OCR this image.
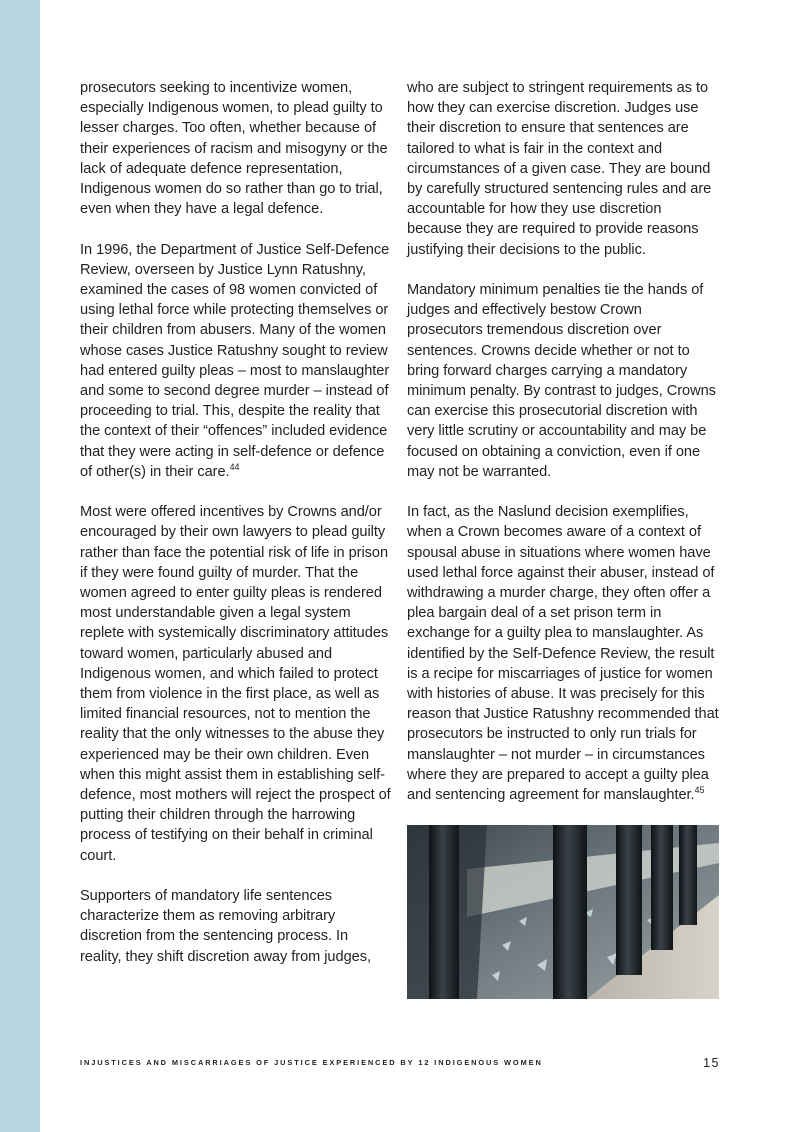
prosecutors seeking to incentivize women, especially Indigenous women, to plead guilty to lesser charges. Too often, whether because of their experiences of racism and misogyny or the lack of adequate defence representation, Indigenous women do so rather than go to trial, even when they have a legal defence.

In 1996, the Department of Justice Self-Defence Review, overseen by Justice Lynn Ratushny, examined the cases of 98 women convicted of using lethal force while protecting themselves or their children from abusers. Many of the women whose cases Justice Ratushny sought to review had entered guilty pleas – most to manslaughter and some to second degree murder – instead of proceeding to trial. This, despite the reality that the context of their “offences” included evidence that they were acting in self-defence or defence of other(s) in their care.$^{44}$

Most were offered incentives by Crowns and/or encouraged by their own lawyers to plead guilty rather than face the potential risk of life in prison if they were found guilty of murder. That the women agreed to enter guilty pleas is rendered most understandable given a legal system replete with systemically discriminatory attitudes toward women, particularly abused and Indigenous women, and which failed to protect them from violence in the first place, as well as limited financial resources, not to mention the reality that the only witnesses to the abuse they experienced may be their own children. Even when this might assist them in establishing self-defence, most mothers will reject the prospect of putting their children through the harrowing process of testifying on their behalf in criminal court.

Supporters of mandatory life sentences characterize them as removing arbitrary discretion from the sentencing process. In reality, they shift discretion away from judges,

who are subject to stringent requirements as to how they can exercise discretion. Judges use their discretion to ensure that sentences are tailored to what is fair in the context and circumstances of a given case. They are bound by carefully structured sentencing rules and are accountable for how they use discretion because they are required to provide reasons justifying their decisions to the public.

Mandatory minimum penalties tie the hands of judges and effectively bestow Crown prosecutors tremendous discretion over sentences. Crowns decide whether or not to bring forward charges carrying a mandatory minimum penalty. By contrast to judges, Crowns can exercise this prosecutorial discretion with very little scrutiny or accountability and may be focused on obtaining a conviction, even if one may not be warranted.

In fact, as the Naslund decision exemplifies, when a Crown becomes aware of a context of spousal abuse in situations where women have used lethal force against their abuser, instead of withdrawing a murder charge, they often offer a plea bargain deal of a set prison term in exchange for a guilty plea to manslaughter. As identified by the Self-Defence Review, the result is a recipe for miscarriages of justice for women with histories of abuse. It was precisely for this reason that Justice Ratushny recommended that prosecutors be instructed to only run trials for manslaughter – not murder – in circumstances where they are prepared to accept a guilty plea and sentencing agreement for manslaughter.$^{45}$

INJUSTICES AND MISCARRIAGES OF JUSTICE EXPERIENCED BY 12 INDIGENOUS WOMEN	15
